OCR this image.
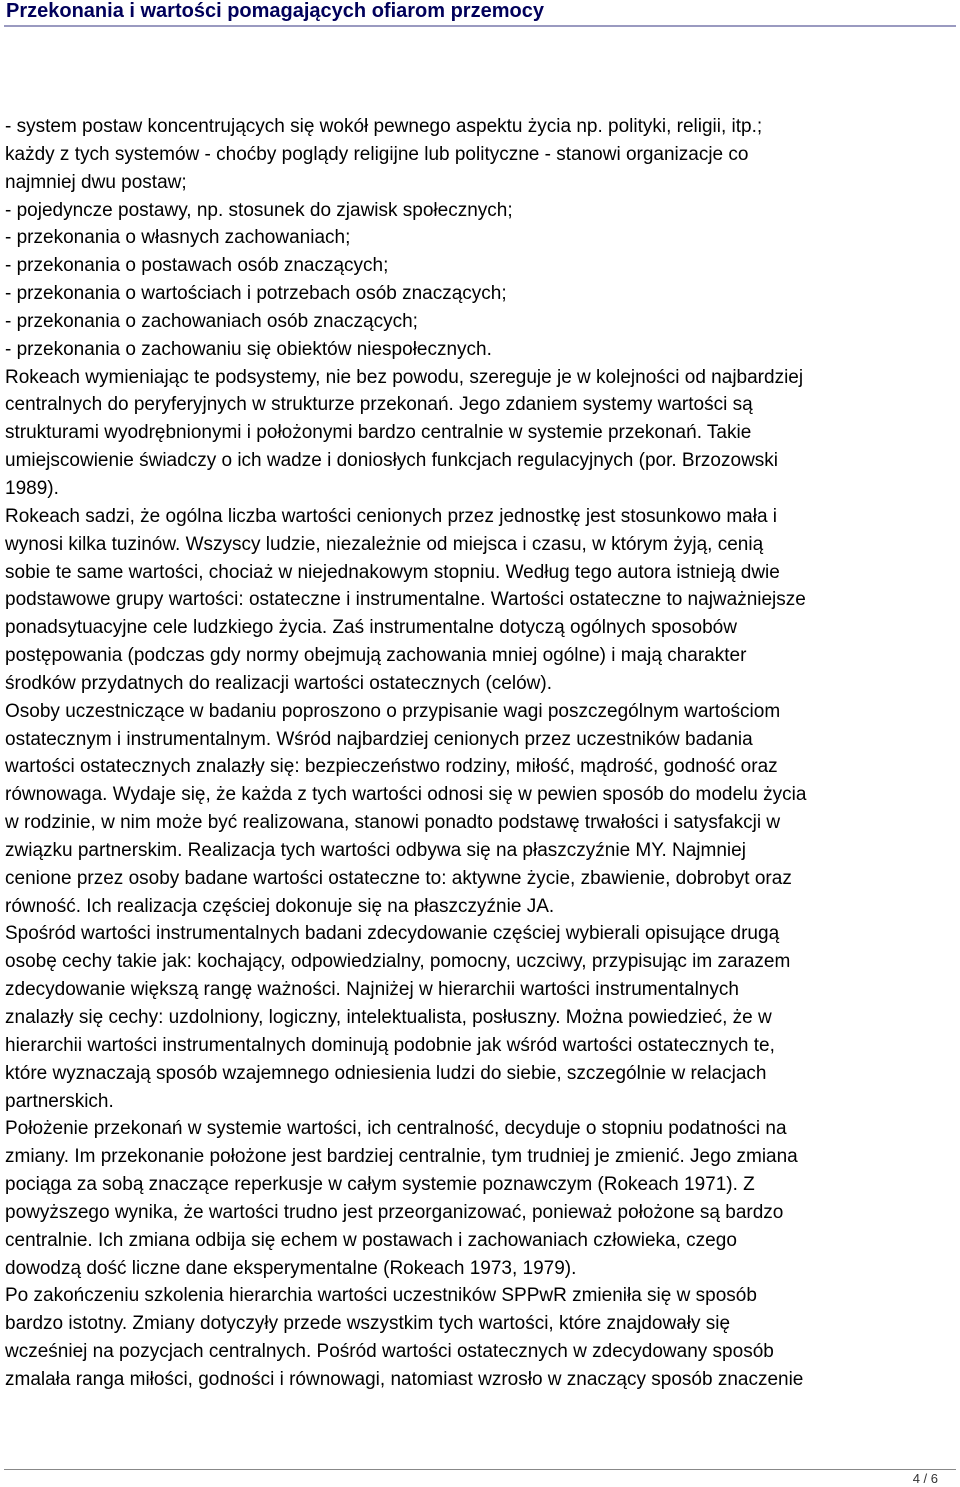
Przekonania i wartości pomagających ofiarom przemocy
- system postaw koncentrujących się wokół pewnego aspektu życia np. polityki, religii, itp.;
każdy z tych systemów - choćby poglądy religijne lub polityczne - stanowi organizacje co
najmniej dwu postaw;
- pojedyncze postawy, np. stosunek do zjawisk społecznych;
- przekonania o własnych zachowaniach;
- przekonania o postawach osób znaczących;
- przekonania o wartościach i potrzebach osób znaczących;
- przekonania o zachowaniach osób znaczących;
- przekonania o zachowaniu się obiektów niespołecznych.
Rokeach wymieniając te podsystemy, nie bez powodu, szereguje je w kolejności od najbardziej
centralnych do peryferyjnych w strukturze przekonań. Jego zdaniem systemy wartości są
strukturami wyodrębnionymi i położonymi bardzo centralnie w systemie przekonań. Takie
umiejscowienie świadczy o ich wadze i doniosłych funkcjach regulacyjnych (por. Brzozowski
1989).
Rokeach sadzi, że ogólna liczba wartości cenionych przez jednostkę jest stosunkowo mała i
wynosi kilka tuzinów. Wszyscy ludzie, niezależnie od miejsca i czasu, w którym żyją, cenią
sobie te same wartości, chociaż w niejednakowym stopniu. Według tego autora istnieją dwie
podstawowe grupy wartości: ostateczne i instrumentalne. Wartości ostateczne to najważniejsze
ponadsytuacyjne cele ludzkiego życia. Zaś instrumentalne dotyczą ogólnych sposobów
postępowania (podczas gdy normy obejmują zachowania mniej ogólne) i mają charakter
środków przydatnych do realizacji wartości ostatecznych (celów).
Osoby uczestniczące w badaniu poproszono o przypisanie wagi poszczególnym wartościom
ostatecznym i instrumentalnym. Wśród najbardziej cenionych przez uczestników badania
wartości ostatecznych znalazły się: bezpieczeństwo rodziny, miłość, mądrość, godność oraz
równowaga. Wydaje się, że każda z tych wartości odnosi się w pewien sposób do modelu życia
w rodzinie, w nim może być realizowana, stanowi ponadto podstawę trwałości i satysfakcji w
związku partnerskim. Realizacja tych wartości odbywa się na płaszczyźnie MY. Najmniej
cenione przez osoby badane wartości ostateczne to: aktywne życie, zbawienie, dobrobyt oraz
równość. Ich realizacja częściej dokonuje się na płaszczyźnie JA.
Spośród wartości instrumentalnych badani zdecydowanie częściej wybierali opisujące drugą
osobę cechy takie jak: kochający, odpowiedzialny, pomocny, uczciwy, przypisując im zarazem
zdecydowanie większą rangę ważności. Najniżej w hierarchii wartości instrumentalnych
znalazły się cechy: uzdolniony, logiczny, intelektualista, posłuszny. Można powiedzieć, że w
hierarchii wartości instrumentalnych dominują podobnie jak wśród wartości ostatecznych te,
które wyznaczają sposób wzajemnego odniesienia ludzi do siebie, szczególnie w relacjach
partnerskich.
Położenie przekonań w systemie wartości, ich centralność, decyduje o stopniu podatności na
zmiany. Im przekonanie położone jest bardziej centralnie, tym trudniej je zmienić. Jego zmiana
pociąga za sobą znaczące reperkusje w całym systemie poznawczym (Rokeach 1971). Z
powyższego wynika, że wartości trudno jest przeorganizować, ponieważ położone są bardzo
centralnie. Ich zmiana odbija się echem w postawach i zachowaniach człowieka, czego
dowodzą dość liczne dane eksperymentalne (Rokeach 1973, 1979).
Po zakończeniu szkolenia hierarchia wartości uczestników SPPwR zmieniła się w sposób
bardzo istotny. Zmiany dotyczyły przede wszystkim tych wartości, które znajdowały się
wcześniej na pozycjach centralnych. Pośród wartości ostatecznych w zdecydowany sposób
zmalała ranga miłości, godności i równowagi, natomiast wzrosło w znaczący sposób znaczenie
4 / 6
